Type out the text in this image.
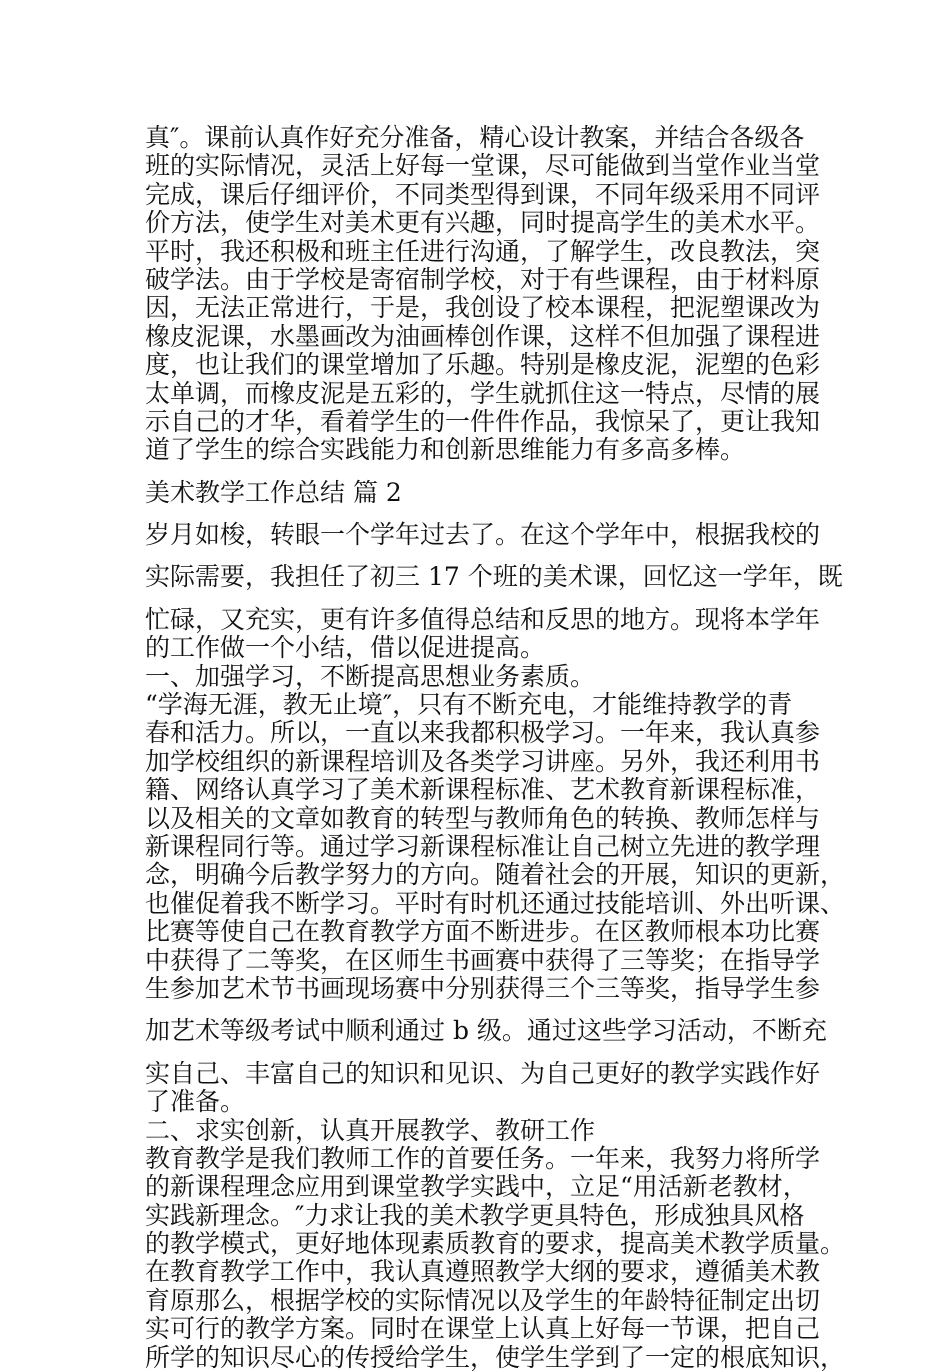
真″。课前认真作好充分准备，精心设计教案，并结合各级各
班的实际情况，灵活上好每一堂课，尽可能做到当堂作业当堂
完成，课后仔细评价，不同类型得到课，不同年级采用不同评
价方法，使学生对美术更有兴趣，同时提高学生的美术水平。
平时，我还积极和班主任进行沟通，了解学生，改良教法，突
破学法。由于学校是寄宿制学校，对于有些课程，由于材料原
因，无法正常进行，于是，我创设了校本课程，把泥塑课改为
橡皮泥课，水墨画改为油画棒创作课，这样不但加强了课程进
度，也让我们的课堂增加了乐趣。特别是橡皮泥，泥塑的色彩
太单调，而橡皮泥是五彩的，学生就抓住这一特点，尽情的展
示自己的才华，看着学生的一件件作品，我惊呆了，更让我知
道了学生的综合实践能力和创新思维能力有多高多棒。
美术教学工作总结 篇 2
岁月如梭，转眼一个学年过去了。在这个学年中，根据我校的
实际需要，我担任了初三 17 个班的美术课，回忆这一学年，既
忙碌，又充实，更有许多值得总结和反思的地方。现将本学年
的工作做一个小结，借以促进提高。
一、加强学习，不断提高思想业务素质。
“学海无涯，教无止境″，只有不断充电，才能维持教学的青
春和活力。所以，一直以来我都积极学习。一年来，我认真参
加学校组织的新课程培训及各类学习讲座。另外，我还利用书
籍、网络认真学习了美术新课程标准、艺术教育新课程标准，
以及相关的文章如教育的转型与教师角色的转换、教师怎样与
新课程同行等。通过学习新课程标准让自己树立先进的教学理
念，明确今后教学努力的方向。随着社会的开展，知识的更新，
也催促着我不断学习。平时有时机还通过技能培训、外出听课、
比赛等使自己在教育教学方面不断进步。在区教师根本功比赛
中获得了二等奖，在区师生书画赛中获得了三等奖；在指导学
生参加艺术节书画现场赛中分别获得三个三等奖，指导学生参
加艺术等级考试中顺利通过 b 级。通过这些学习活动，不断充
实自己、丰富自己的知识和见识、为自己更好的教学实践作好
了准备。
二、求实创新，认真开展教学、教研工作
教育教学是我们教师工作的首要任务。一年来，我努力将所学
的新课程理念应用到课堂教学实践中，立足“用活新老教材，
实践新理念。″力求让我的美术教学更具特色，形成独具风格
的教学模式，更好地体现素质教育的要求，提高美术教学质量。
在教育教学工作中，我认真遵照教学大纲的要求，遵循美术教
育原那么，根据学校的实际情况以及学生的年龄特征制定出切
实可行的教学方案。同时在课堂上认真上好每一节课，把自己
所学的知识尽心的传授给学生，使学生学到了一定的根底知识，
